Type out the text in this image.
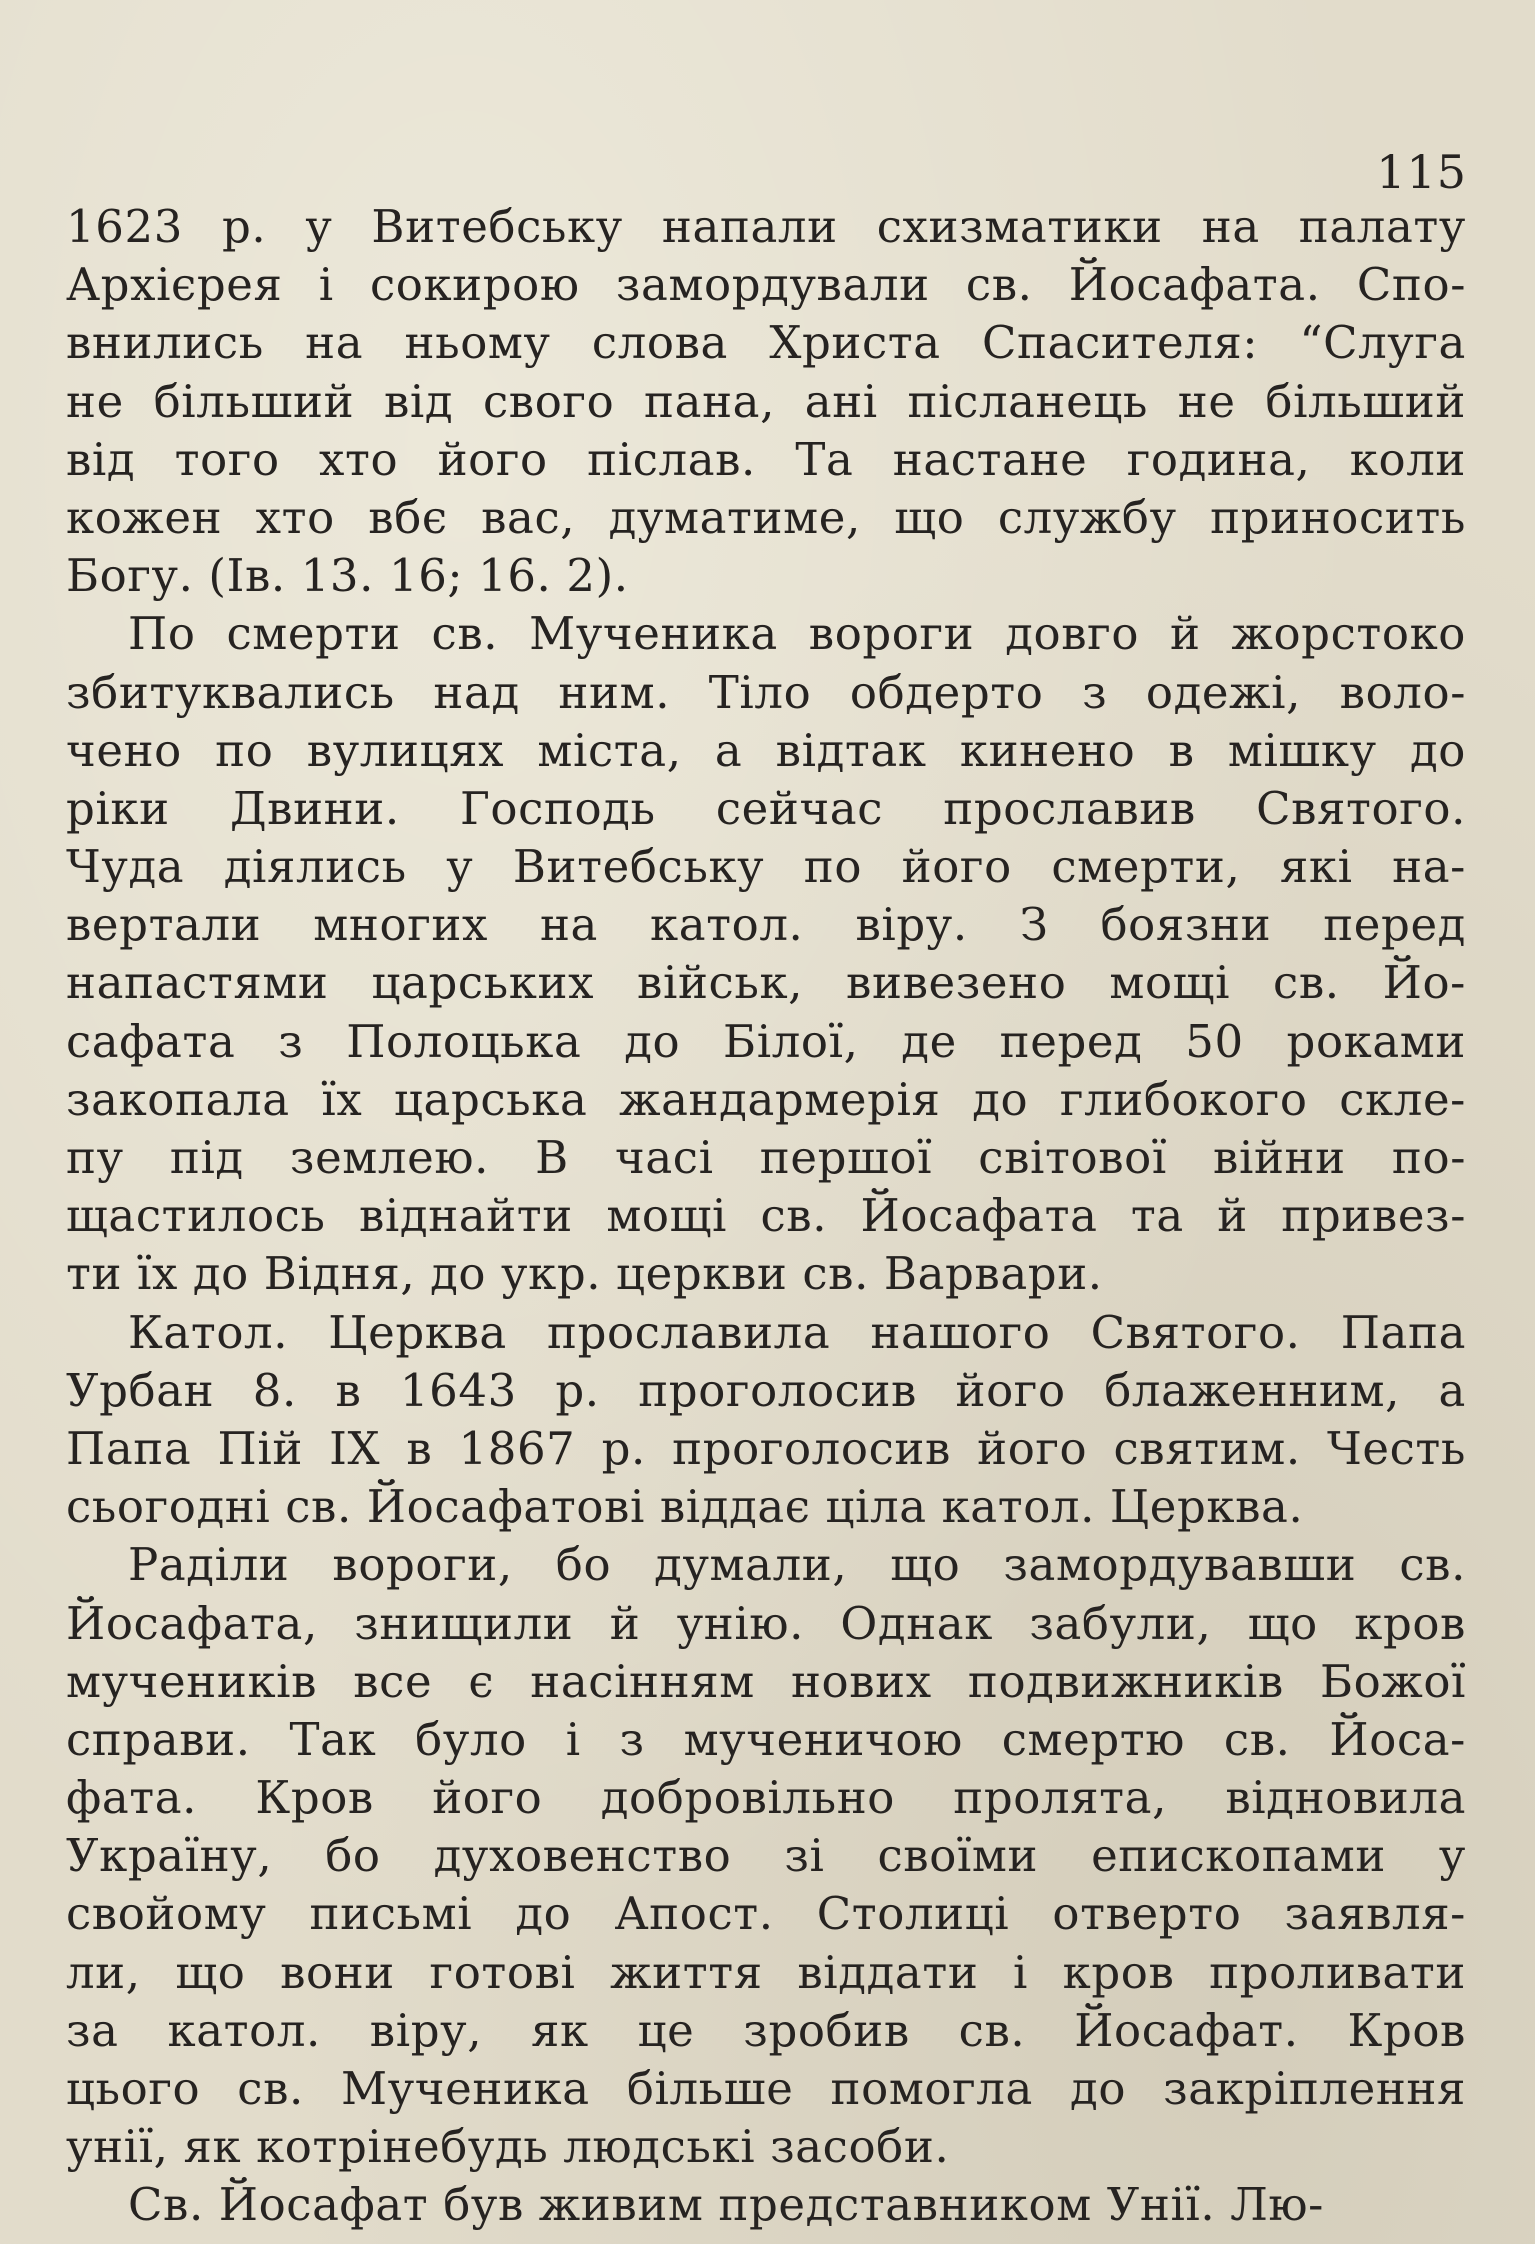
115
1623 р. у Витебську напали схизматики на палату
Архієрея і сокирою замордували св. Йосафата. Спо-
внились на ньому слова Христа Спасителя: “Слуга
не більший від свого пана, ані післанець не більший
від того хто його післав. Та настане година, коли
кожен хто вбє вас, думатиме, що службу приносить
Богу. (Ів. 13. 16; 16. 2).
По смерти св. Мученика вороги довго й жорстоко
збитуквались над ним. Тіло обдерто з одежі, воло-
чено по вулицях міста, а відтак кинено в мішку до
ріки Двини. Господь сейчас прославив Святого.
Чуда діялись у Витебську по його смерти, які на-
вертали многих на катол. віру. З боязни перед
напастями царських військ, вивезено мощі св. Йо-
сафата з Полоцька до Білої, де перед 50 роками
закопала їх царська жандармерія до глибокого скле-
пу під землею. В часі першої світової війни по-
щастилось віднайти мощі св. Йосафата та й привез-
ти їх до Відня, до укр. церкви св. Варвари.
Катол. Церква прославила нашого Святого. Папа
Урбан 8. в 1643 р. проголосив його блаженним, а
Папа Пій IX в 1867 р. проголосив його святим. Честь
сьогодні св. Йосафатові віддає ціла катол. Церква.
Раділи вороги, бо думали, що замордувавши св.
Йосафата, знищили й унію. Однак забули, що кров
мучеників все є насінням нових подвижників Божої
справи. Так було і з мученичою смертю св. Йоса-
фата. Кров його добровільно пролята, відновила
Україну, бо духовенство зі своїми епископами у
свойому письмі до Апост. Столиці отверто заявля-
ли, що вони готові життя віддати і кров проливати
за катол. віру, як це зробив св. Йосафат. Кров
цього св. Мученика більше помогла до закріплення
унії, як котрінебудь людські засоби.
Св. Йосафат був живим представником Унії. Лю-
